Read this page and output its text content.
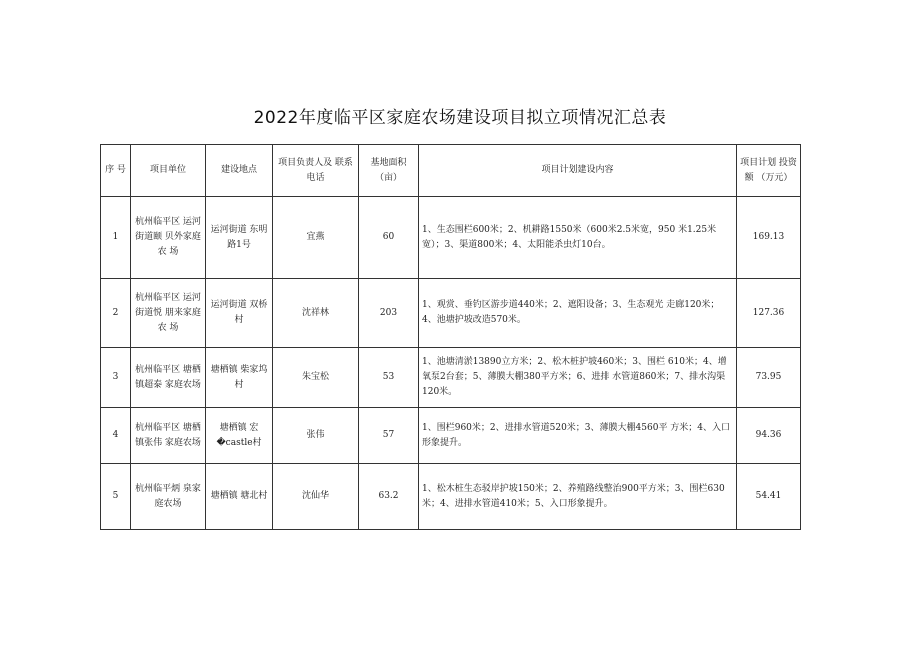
2022年度临平区家庭农场建设项目拟立项情况汇总表
序 号	项目单位	建设地点	项目负责人及 联系电话	基地面积（亩）	项目计划建设内容	项目计划 投资额 （万元）
1	杭州临平区 运河街道颐 贝外家庭农 场	运河街道 东明路1号	宜燕	60	1、生态围栏600米；2、机耕路1550米（600米2.5米宽，950 米1.25米宽）；3、渠道800米；4、太阳能杀虫灯10台。	169.13
2	杭州临平区 运河街道悦 朋来家庭农 场	运河街道 双桥村	沈祥林	203	1、观赏、垂钓区游步道440米；2、遮阳设备；3、生态观光 走廊120米；4、池塘护坡改造570米。	127.36
3	杭州临平区 塘栖镇超泰 家庭农场	塘栖镇 柴家坞村	朱宝松	53	1、池塘清淤13890立方米；2、松木桩护坡460米；3、围栏 610米；4、增氧泵2台套；5、薄膜大棚380平方米；6、进排 水管道860米；7、排水沟渠120米。	73.95
4	杭州临平区 塘栖镇张伟 家庭农场	塘栖镇 宏�castle村	张伟	57	1、围栏960米；2、进排水管道520米；3、薄膜大棚4560平 方米；4、入口形象提升。	94.36
5	杭州临平炳 泉家庭农场	塘栖镇 塘北村	沈仙华	63.2	1、松木桩生态驳岸护坡150米；2、养殖路线整治900平方米；3、围栏630米；4、进排水管道410米；5、入口形象提升。	54.41
